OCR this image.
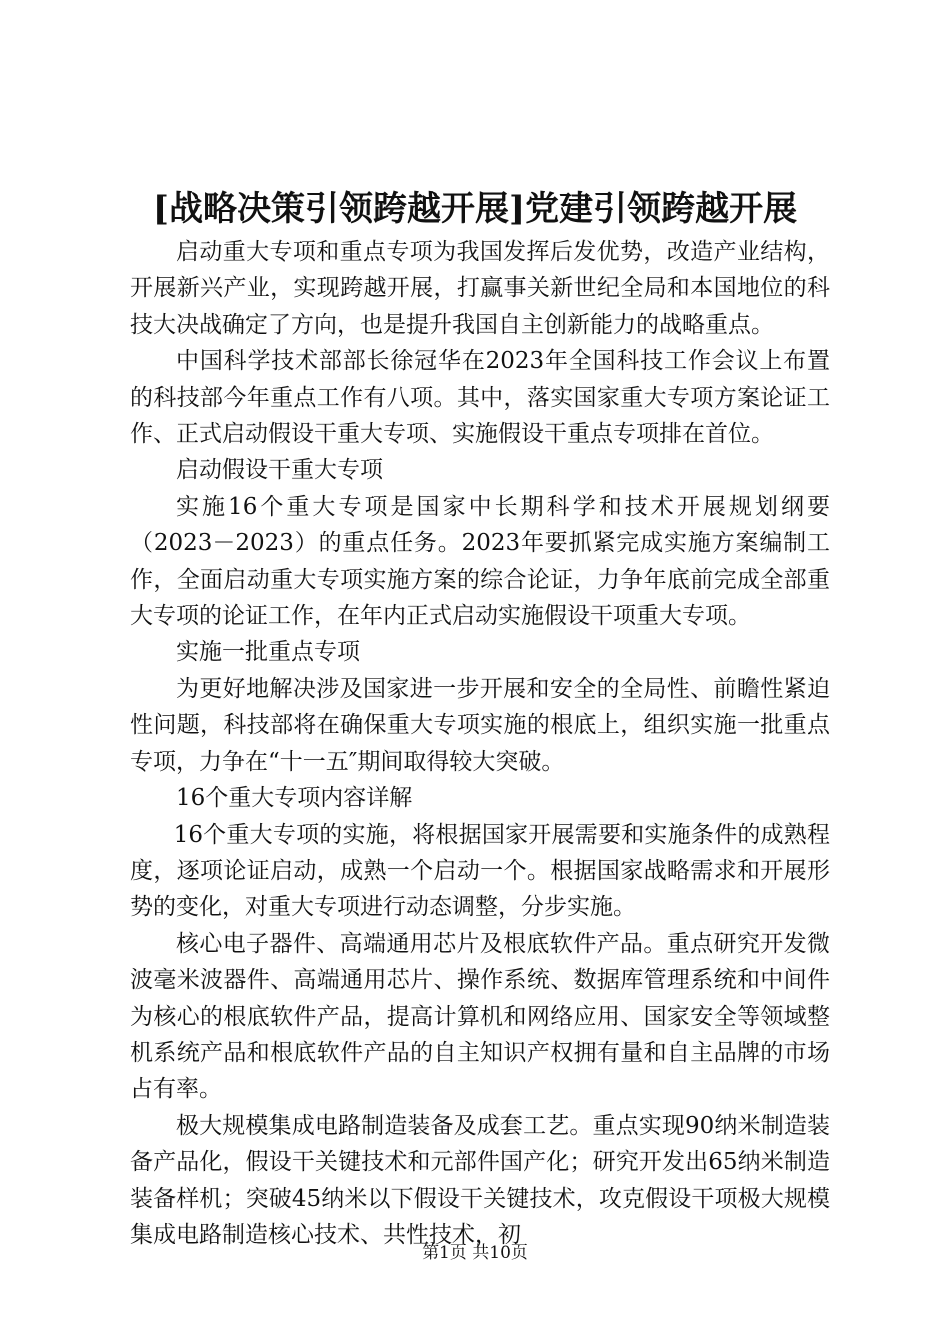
[战略决策引领跨越开展]党建引领跨越开展

启动重大专项和重点专项为我国发挥后发优势，改造产业结构，开展新兴产业，实现跨越开展，打赢事关新世纪全局和本国地位的科技大决战确定了方向，也是提升我国自主创新能力的战略重点。

中国科学技术部部长徐冠华在2023年全国科技工作会议上布置的科技部今年重点工作有八项。其中，落实国家重大专项方案论证工作、正式启动假设干重大专项、实施假设干重点专项排在首位。

启动假设干重大专项

实施16个重大专项是国家中长期科学和技术开展规划纲要（2023－2023）的重点任务。2023年要抓紧完成实施方案编制工作，全面启动重大专项实施方案的综合论证，力争年底前完成全部重大专项的论证工作，在年内正式启动实施假设干项重大专项。

实施一批重点专项

为更好地解决涉及国家进一步开展和安全的全局性、前瞻性紧迫性问题，科技部将在确保重大专项实施的根底上，组织实施一批重点专项，力争在“十一五″期间取得较大突破。

16个重大专项内容详解

16个重大专项的实施，将根据国家开展需要和实施条件的成熟程度，逐项论证启动，成熟一个启动一个。根据国家战略需求和开展形势的变化，对重大专项进行动态调整，分步实施。

核心电子器件、高端通用芯片及根底软件产品。重点研究开发微波毫米波器件、高端通用芯片、操作系统、数据库管理系统和中间件为核心的根底软件产品，提高计算机和网络应用、国家安全等领域整机系统产品和根底软件产品的自主知识产权拥有量和自主品牌的市场占有率。

极大规模集成电路制造装备及成套工艺。重点实现90纳米制造装备产品化，假设干关键技术和元部件国产化；研究开发出65纳米制造装备样机；突破45纳米以下假设干关键技术，攻克假设干项极大规模集成电路制造核心技术、共性技术，初

第1页 共10页
